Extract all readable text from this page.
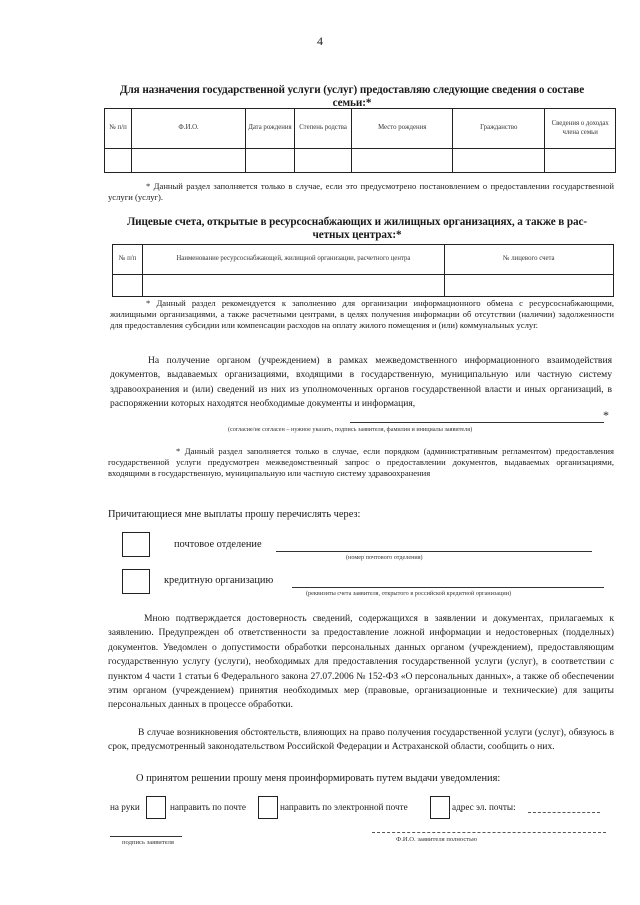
4
Для назначения государственной услуги (услуг) предоставляю следующие сведения о составе
семьи:*
№ п/п	Ф.И.О.	Дата рождения	Степень родства	Место рождения	Гражданство	Сведения о доходах члена семьи

* Данный раздел заполняется только в случае, если это предусмотрено постановлением о предоставлении государственной услуги (услуг).
Лицевые счета, открытые в ресурсоснабжающих и жилищных организациях, а также в рас-
четных центрах:*
№ п/п	Наименование ресурсоснабжающей, жилищной организации, расчетного центра	№ лицевого счета

* Данный раздел рекомендуется к заполнению для организации информационного обмена с ресурсоснабжающими, жилищными организациями, а также расчетными центрами, в целях получения информации об отсутствии (наличии) задолженности для предоставления субсидии или компенсации расходов на оплату жилого помещения и (или) коммунальных услуг.
На получение органом (учреждением) в рамках межведомственного информационного взаимодействия документов, выдаваемых организациями, входящими в государственную, муниципальную или частную систему здравоохранения и (или) сведений из них из уполномоченных органов государственной власти и иных организаций, в распоряжении которых находятся необходимые документы и информация,
*
(согласие/не согласен – нужное указать, подпись заявителя, фамилия и инициалы заявителя)
* Данный раздел заполняется только в случае, если порядком (административным регламентом) предоставления государственной услуги предусмотрен межведомственный запрос о предоставлении документов, выдаваемых организациями, входящими в государственную, муниципальную или частную систему здравоохранения
Причитающиеся мне выплаты прошу перечислять через:
почтовое отделение
(номер почтового отделения)
кредитную организацию
(реквизиты счета заявителя, открытого в российской кредитной организации)
Мною подтверждается достоверность сведений, содержащихся в заявлении и документах, прилагаемых к заявлению. Предупрежден об ответственности за предоставление ложной информации и недостоверных (подделных) документов. Уведомлен о допустимости обработки персональных данных органом (учреждением), предоставляющим государственную услугу (услуги), необходимых для предоставления государственной услуги (услуг), в соответствии с пунктом 4 части 1 статьи 6 Федерального закона 27.07.2006 № 152-ФЗ «О персональных данных», а также об обеспечении этим органом (учреждением) принятия необходимых мер (правовые, организационные и технические) для защиты персональных данных в процессе обработки.
В случае возникновения обстоятельств, влияющих на право получения государственной услуги (услуг), обязуюсь в срок, предусмотренный законодательством Российской Федерации и Астраханской области, сообщить о них.
О принятом решении прошу меня проинформировать путем выдачи уведомления:
на руки	направить по почте	направить по электронной почте	адрес эл. почты:
подпись заявителя	Ф.И.О. заявителя полностью
